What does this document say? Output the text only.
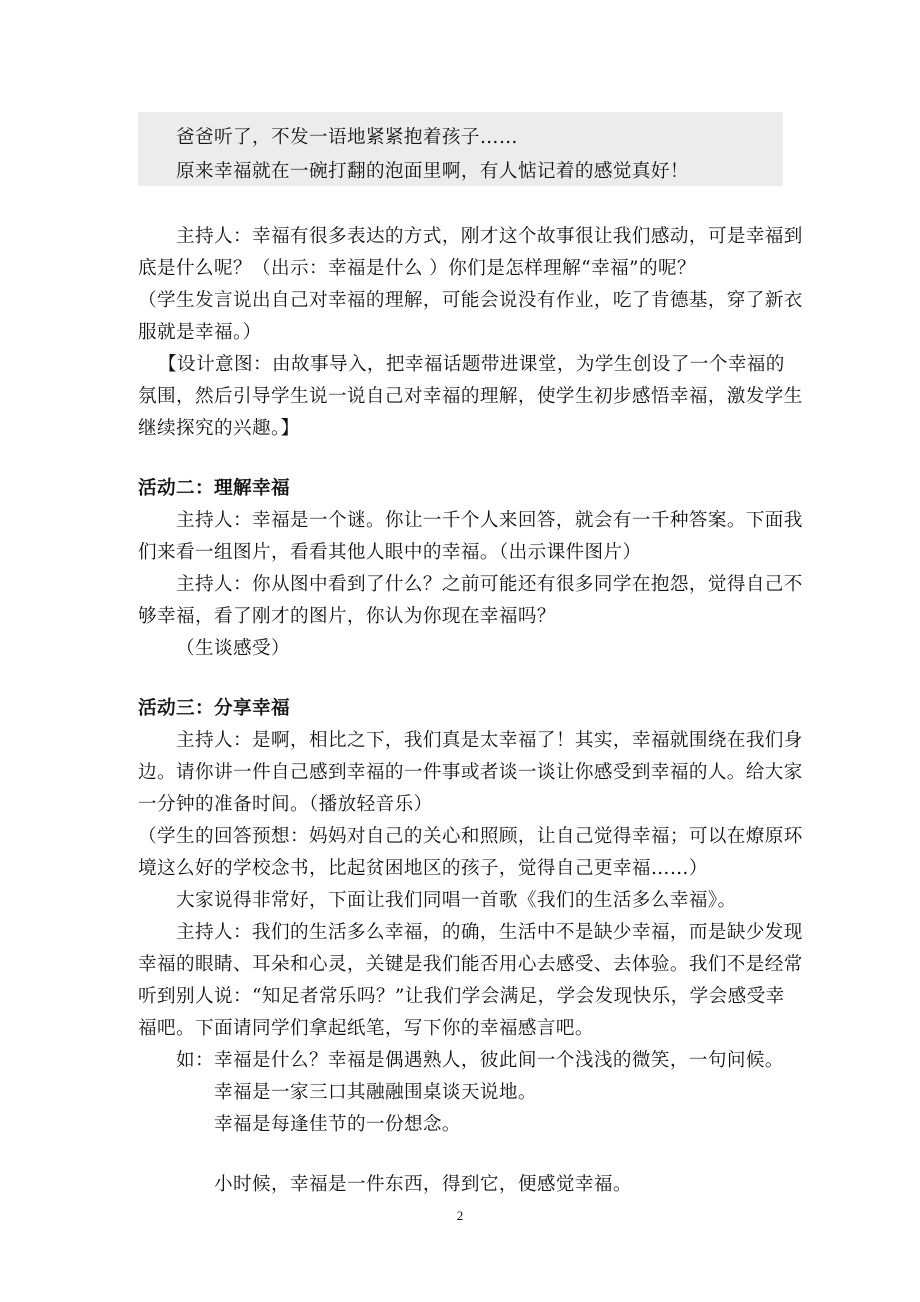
爸爸听了，不发一语地紧紧抱着孩子……
原来幸福就在一碗打翻的泡面里啊，有人惦记着的感觉真好！
主持人：幸福有很多表达的方式，刚才这个故事很让我们感动，可是幸福到
底是什么呢？（出示：幸福是什么 ）你们是怎样理解“幸福”的呢？
（学生发言说出自己对幸福的理解，可能会说没有作业，吃了肯德基，穿了新衣
服就是幸福。）
【设计意图：由故事导入，把幸福话题带进课堂，为学生创设了一个幸福的
氛围，然后引导学生说一说自己对幸福的理解，使学生初步感悟幸福，激发学生
继续探究的兴趣。】
活动二：理解幸福
主持人：幸福是一个谜。你让一千个人来回答，就会有一千种答案。下面我
们来看一组图片，看看其他人眼中的幸福。（出示课件图片）
主持人：你从图中看到了什么？之前可能还有很多同学在抱怨，觉得自己不
够幸福，看了刚才的图片，你认为你现在幸福吗？
（生谈感受）
活动三：分享幸福
主持人：是啊，相比之下，我们真是太幸福了！其实，幸福就围绕在我们身
边。请你讲一件自己感到幸福的一件事或者谈一谈让你感受到幸福的人。给大家
一分钟的准备时间。（播放轻音乐）
（学生的回答预想：妈妈对自己的关心和照顾，让自己觉得幸福；可以在燎原环
境这么好的学校念书，比起贫困地区的孩子，觉得自己更幸福……）
大家说得非常好，下面让我们同唱一首歌《我们的生活多么幸福》。
主持人：我们的生活多么幸福，的确，生活中不是缺少幸福，而是缺少发现
幸福的眼睛、耳朵和心灵，关键是我们能否用心去感受、去体验。我们不是经常
听到别人说：“知足者常乐吗？”让我们学会满足，学会发现快乐，学会感受幸
福吧。下面请同学们拿起纸笔，写下你的幸福感言吧。
如：幸福是什么？幸福是偶遇熟人，彼此间一个浅浅的微笑，一句问候。
幸福是一家三口其融融围桌谈天说地。
幸福是每逢佳节的一份想念。
小时候，幸福是一件东西，得到它，便感觉幸福。
2
